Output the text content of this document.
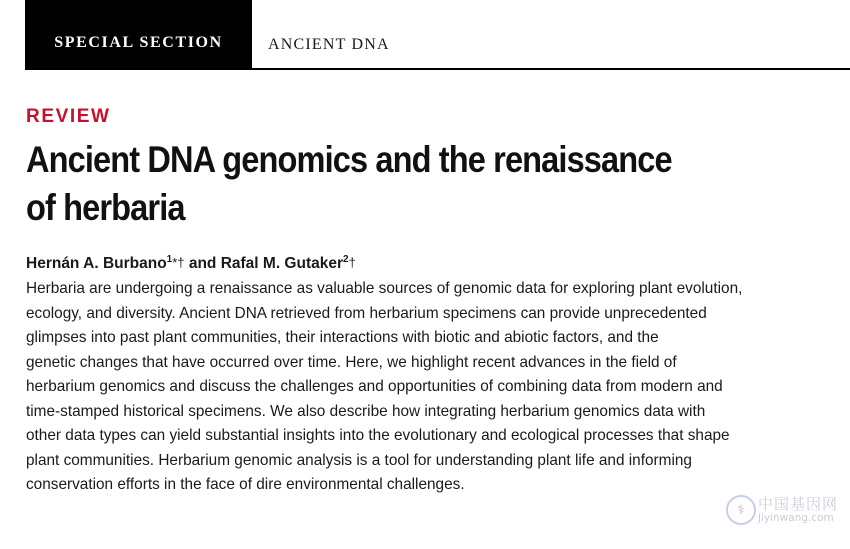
SPECIAL SECTION	ANCIENT DNA
REVIEW
Ancient DNA genomics and the renaissance
of herbaria
Hernán A. Burbano$^1$*† and Rafal M. Gutaker$^2$†

Herbaria are undergoing a renaissance as valuable sources of genomic data for exploring plant evolution,
ecology, and diversity. Ancient DNA retrieved from herbarium specimens can provide unprecedented
glimpses into past plant communities, their interactions with biotic and abiotic factors, and the
genetic changes that have occurred over time. Here, we highlight recent advances in the field of
herbarium genomics and discuss the challenges and opportunities of combining data from modern and
time-stamped historical specimens. We also describe how integrating herbarium genomics data with
other data types can yield substantial insights into the evolutionary and ecological processes that shape
plant communities. Herbarium genomic analysis is a tool for understanding plant life and informing
conservation efforts in the face of dire environmental challenges.

⚕ 中国基因网
jiyinwang.com
